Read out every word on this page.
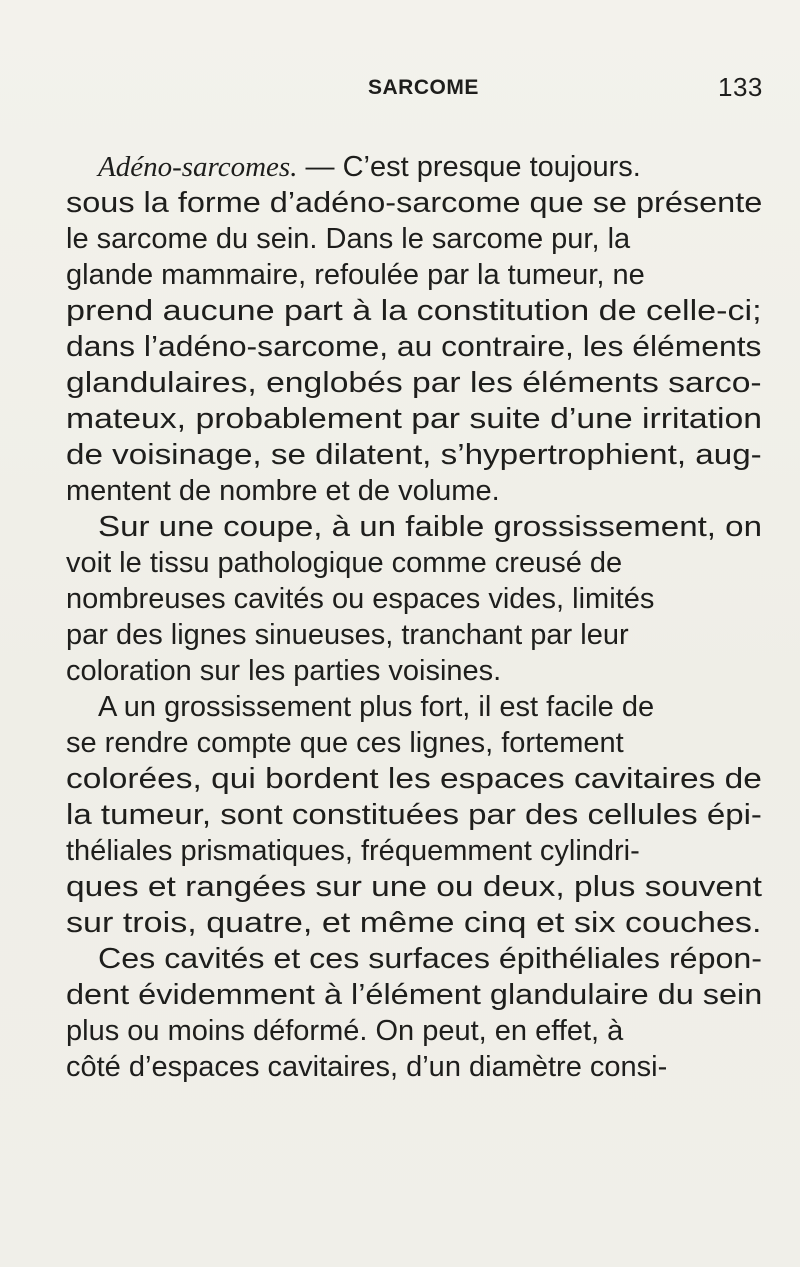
SARCOME	133
Adéno-sarcomes. — C’est presque toujours.
sous la forme d’adéno-sarcome que se présente
le sarcome du sein. Dans le sarcome pur, la
glande mammaire, refoulée par la tumeur, ne
prend aucune part à la constitution de celle-ci;
dans l’adéno-sarcome, au contraire, les éléments
glandulaires, englobés par les éléments sarco-
mateux, probablement par suite d’une irritation
de voisinage, se dilatent, s’hypertrophient, aug-
mentent de nombre et de volume.
Sur une coupe, à un faible grossissement, on
voit le tissu pathologique comme creusé de
nombreuses cavités ou espaces vides, limités
par des lignes sinueuses, tranchant par leur
coloration sur les parties voisines.
A un grossissement plus fort, il est facile de
se rendre compte que ces lignes, fortement
colorées, qui bordent les espaces cavitaires de
la tumeur, sont constituées par des cellules épi-
théliales prismatiques, fréquemment cylindri-
ques et rangées sur une ou deux, plus souvent
sur trois, quatre, et même cinq et six couches.
Ces cavités et ces surfaces épithéliales répon-
dent évidemment à l’élément glandulaire du sein
plus ou moins déformé. On peut, en effet, à
côté d’espaces cavitaires, d’un diamètre consi-
